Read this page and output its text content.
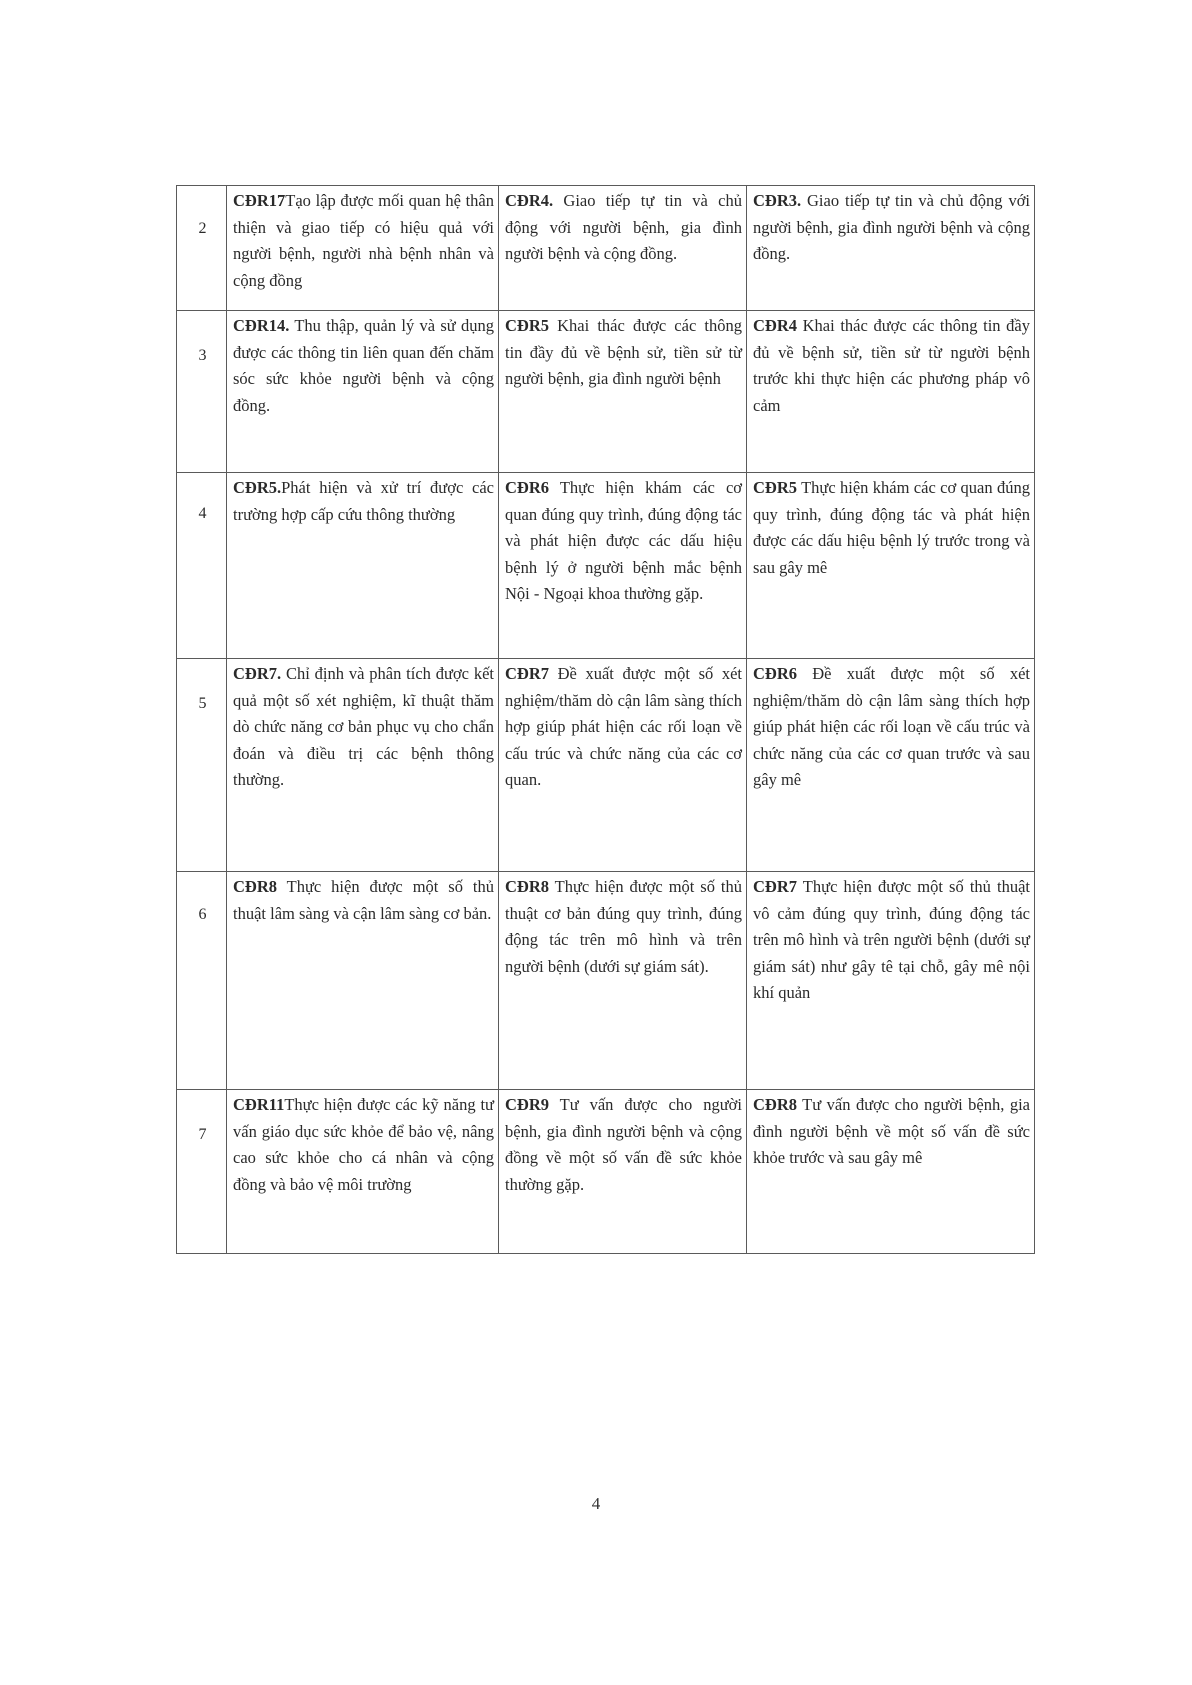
2	CĐR17Tạo lập được mối quan hệ thân thiện và giao tiếp có hiệu quả với người bệnh, người nhà bệnh nhân và cộng đồng	CĐR4. Giao tiếp tự tin và chủ động với người bệnh, gia đình người bệnh và cộng đồng.	CĐR3. Giao tiếp tự tin và chủ động với người bệnh, gia đình người bệnh và cộng đồng.

3	CĐR14. Thu thập, quản lý và sử dụng được các thông tin liên quan đến chăm sóc sức khỏe người bệnh và cộng đồng.	CĐR5 Khai thác được các thông tin đầy đủ về bệnh sử, tiền sử từ người bệnh, gia đình người bệnh	CĐR4 Khai thác được các thông tin đầy đủ về bệnh sử, tiền sử từ người bệnh trước khi thực hiện các phương pháp vô cảm

4	CĐR5.Phát hiện và xử trí được các trường hợp cấp cứu thông thường	CĐR6 Thực hiện khám các cơ quan đúng quy trình, đúng động tác và phát hiện được các dấu hiệu bệnh lý ở người bệnh mắc bệnh Nội - Ngoại khoa thường gặp.	CĐR5 Thực hiện khám các cơ quan đúng quy trình, đúng động tác và phát hiện được các dấu hiệu bệnh lý trước trong và sau gây mê

5	CĐR7. Chỉ định và phân tích được kết quả một số xét nghiệm, kĩ thuật thăm dò chức năng cơ bản phục vụ cho chẩn đoán và điều trị các bệnh thông thường.	CĐR7 Đề xuất được một số xét nghiệm/thăm dò cận lâm sàng thích hợp giúp phát hiện các rối loạn về cấu trúc và chức năng của các cơ quan.	CĐR6 Đề xuất được một số xét nghiệm/thăm dò cận lâm sàng thích hợp giúp phát hiện các rối loạn về cấu trúc và chức năng của các cơ quan trước và sau gây mê

6	CĐR8 Thực hiện được một số thủ thuật lâm sàng và cận lâm sàng cơ bản.	CĐR8 Thực hiện được một số thủ thuật cơ bản đúng quy trình, đúng động tác trên mô hình và trên người bệnh (dưới sự giám sát).	CĐR7 Thực hiện được một số thủ thuật vô cảm đúng quy trình, đúng động tác trên mô hình và trên người bệnh (dưới sự giám sát) như gây tê tại chỗ, gây mê nội khí quản

7	CĐR11Thực hiện được các kỹ năng tư vấn giáo dục sức khỏe để bảo vệ, nâng cao sức khỏe cho cá nhân và cộng đồng và bảo vệ môi trường	CĐR9 Tư vấn được cho người bệnh, gia đình người bệnh và cộng đồng về một số vấn đề sức khỏe thường gặp.	CĐR8 Tư vấn được cho người bệnh, gia đình người bệnh về một số vấn đề sức khỏe trước và sau gây mê
4
